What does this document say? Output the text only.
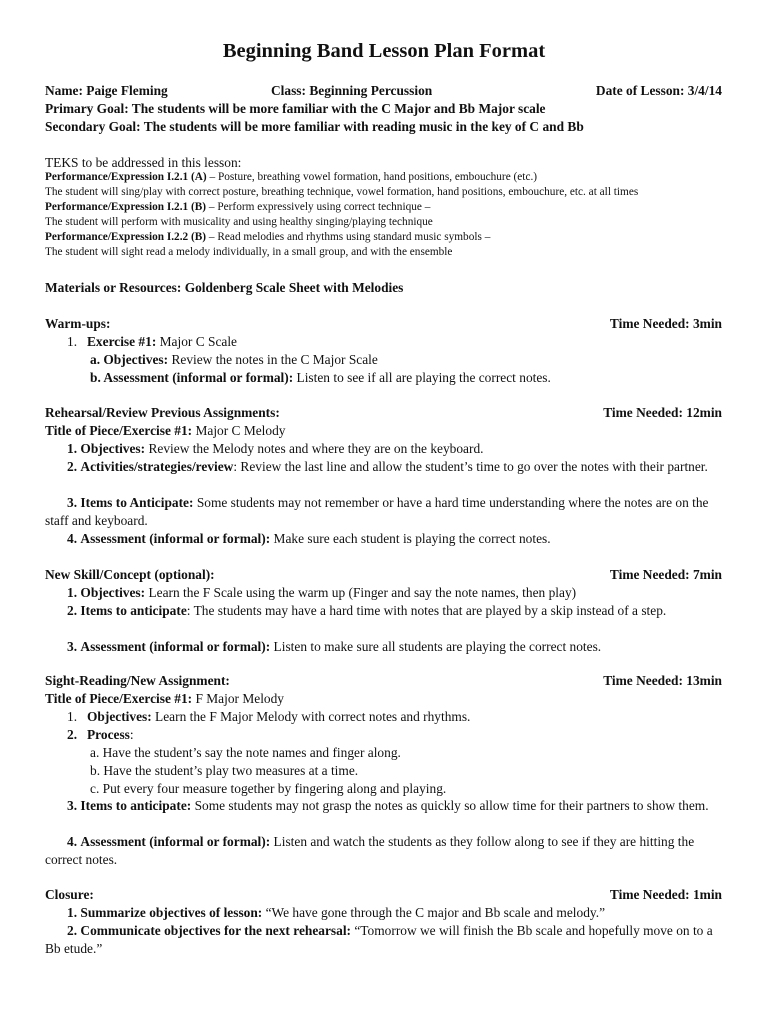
Beginning Band Lesson Plan Format
Name: Paige Fleming	Class: Beginning Percussion	Date of Lesson: 3/4/14
Primary Goal: The students will be more familiar with the C Major and Bb Major scale
Secondary Goal: The students will be more familiar with reading music in the key of C and Bb
TEKS to be addressed in this lesson:
Performance/Expression I.2.1 (A) – Posture, breathing vowel formation, hand positions, embouchure (etc.)
The student will sing/play with correct posture, breathing technique, vowel formation, hand positions, embouchure, etc. at all times
Performance/Expression I.2.1 (B) – Perform expressively using correct technique –
The student will perform with musicality and using healthy singing/playing technique
Performance/Expression I.2.2 (B) – Read melodies and rhythms using standard music symbols –
The student will sight read a melody individually, in a small group, and with the ensemble
Materials or Resources: Goldenberg Scale Sheet with Melodies
Warm-ups:	Time Needed: 3min
1. Exercise #1: Major C Scale
a. Objectives: Review the notes in the C Major Scale
b. Assessment (informal or formal): Listen to see if all are playing the correct notes.
Rehearsal/Review Previous Assignments:	Time Needed: 12min
Title of Piece/Exercise #1: Major C Melody
1. Objectives: Review the Melody notes and where they are on the keyboard.
2. Activities/strategies/review: Review the last line and allow the student’s time to go over the notes with their partner.
3. Items to Anticipate: Some students may not remember or have a hard time understanding where the notes are on the staff and keyboard.
4. Assessment (informal or formal): Make sure each student is playing the correct notes.
New Skill/Concept (optional):	Time Needed: 7min
1. Objectives: Learn the F Scale using the warm up (Finger and say the note names, then play)
2. Items to anticipate: The students may have a hard time with notes that are played by a skip instead of a step.
3. Assessment (informal or formal): Listen to make sure all students are playing the correct notes.
Sight-Reading/New Assignment:	Time Needed: 13min
Title of Piece/Exercise #1: F Major Melody
1. Objectives: Learn the F Major Melody with correct notes and rhythms.
2. Process:
a. Have the student’s say the note names and finger along.
b. Have the student’s play two measures at a time.
c. Put every four measure together by fingering along and playing.
3. Items to anticipate: Some students may not grasp the notes as quickly so allow time for their partners to show them.
4. Assessment (informal or formal): Listen and watch the students as they follow along to see if they are hitting the correct notes.
Closure:	Time Needed: 1min
1. Summarize objectives of lesson: “We have gone through the C major and Bb scale and melody.”
2. Communicate objectives for the next rehearsal: “Tomorrow we will finish the Bb scale and hopefully move on to a Bb etude.”
